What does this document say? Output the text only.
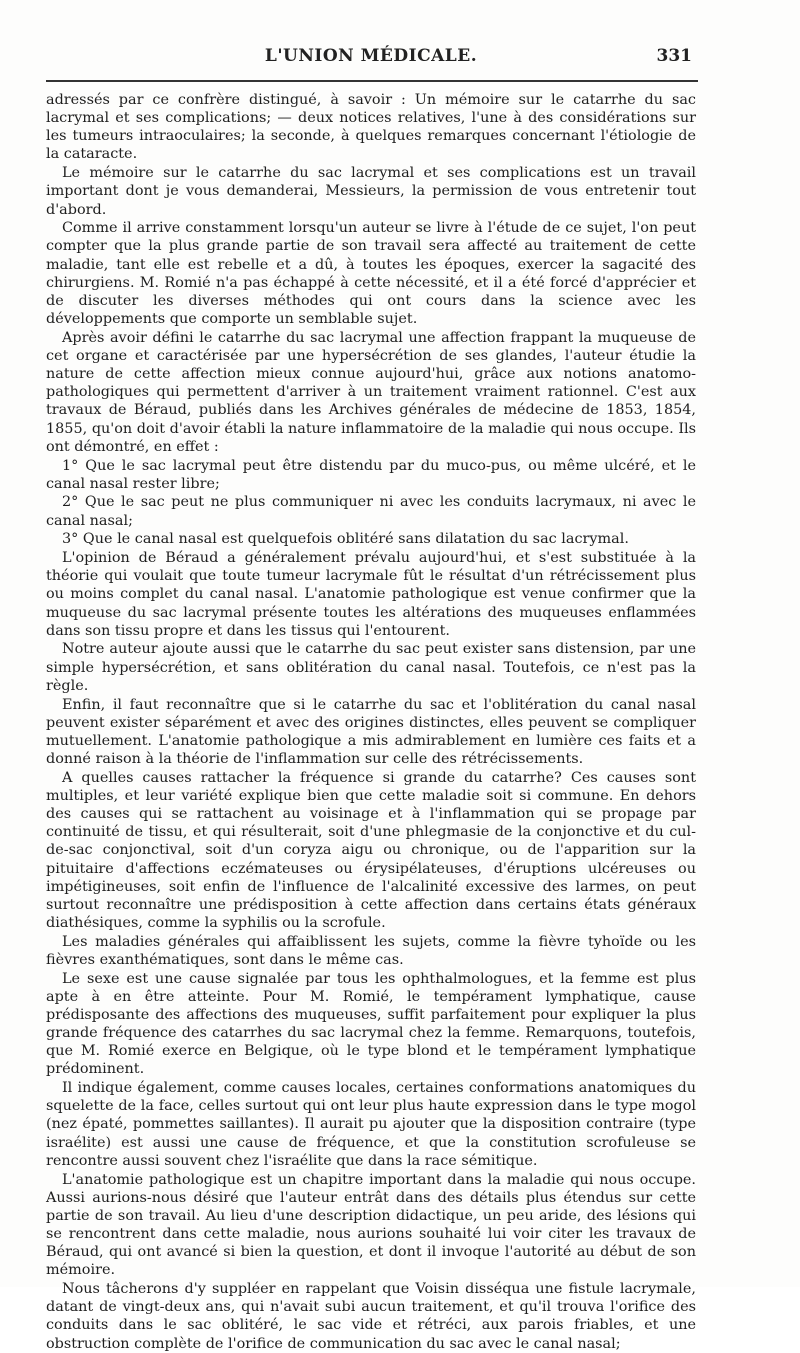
L'UNION MÉDICALE.	331

adressés par ce confrère distingué, à savoir : Un mémoire sur le catarrhe du sac lacrymal et ses complications; — deux notices relatives, l'une à des considérations sur les tumeurs intraoculaires; la seconde, à quelques remarques concernant l'étiologie de la cataracte.

Le mémoire sur le catarrhe du sac lacrymal et ses complications est un travail important dont je vous demanderai, Messieurs, la permission de vous entretenir tout d'abord.

Comme il arrive constamment lorsqu'un auteur se livre à l'étude de ce sujet, l'on peut compter que la plus grande partie de son travail sera affecté au traitement de cette maladie, tant elle est rebelle et a dû, à toutes les époques, exercer la sagacité des chirurgiens. M. Romié n'a pas échappé à cette nécessité, et il a été forcé d'apprécier et de discuter les diverses méthodes qui ont cours dans la science avec les développements que comporte un semblable sujet.

Après avoir défini le catarrhe du sac lacrymal une affection frappant la muqueuse de cet organe et caractérisée par une hypersécrétion de ses glandes, l'auteur étudie la nature de cette affection mieux connue aujourd'hui, grâce aux notions anatomo-pathologiques qui permettent d'arriver à un traitement vraiment rationnel. C'est aux travaux de Béraud, publiés dans les Archives générales de médecine de 1853, 1854, 1855, qu'on doit d'avoir établi la nature inflammatoire de la maladie qui nous occupe. Ils ont démontré, en effet :

1° Que le sac lacrymal peut être distendu par du muco-pus, ou même ulcéré, et le canal nasal rester libre;

2° Que le sac peut ne plus communiquer ni avec les conduits lacrymaux, ni avec le canal nasal;

3° Que le canal nasal est quelquefois oblitéré sans dilatation du sac lacrymal.

L'opinion de Béraud a généralement prévalu aujourd'hui, et s'est substituée à la théorie qui voulait que toute tumeur lacrymale fût le résultat d'un rétrécissement plus ou moins complet du canal nasal. L'anatomie pathologique est venue confirmer que la muqueuse du sac lacrymal présente toutes les altérations des muqueuses enflammées dans son tissu propre et dans les tissus qui l'entourent.

Notre auteur ajoute aussi que le catarrhe du sac peut exister sans distension, par une simple hypersécrétion, et sans oblitération du canal nasal. Toutefois, ce n'est pas la règle.

Enfin, il faut reconnaître que si le catarrhe du sac et l'oblitération du canal nasal peuvent exister séparément et avec des origines distinctes, elles peuvent se compliquer mutuellement. L'anatomie pathologique a mis admirablement en lumière ces faits et a donné raison à la théorie de l'inflammation sur celle des rétrécissements.

A quelles causes rattacher la fréquence si grande du catarrhe? Ces causes sont multiples, et leur variété explique bien que cette maladie soit si commune. En dehors des causes qui se rattachent au voisinage et à l'inflammation qui se propage par continuité de tissu, et qui résulterait, soit d'une phlegmasie de la conjonctive et du cul-de-sac conjonctival, soit d'un coryza aigu ou chronique, ou de l'apparition sur la pituitaire d'affections eczémateuses ou érysipélateuses, d'éruptions ulcéreuses ou impétigineuses, soit enfin de l'influence de l'alcalinité excessive des larmes, on peut surtout reconnaître une prédisposition à cette affection dans certains états généraux diathésiques, comme la syphilis ou la scrofule.

Les maladies générales qui affaiblissent les sujets, comme la fièvre tyhoïde ou les fièvres exanthématiques, sont dans le même cas.

Le sexe est une cause signalée par tous les ophthalmologues, et la femme est plus apte à en être atteinte. Pour M. Romié, le tempérament lymphatique, cause prédisposante des affections des muqueuses, suffit parfaitement pour expliquer la plus grande fréquence des catarrhes du sac lacrymal chez la femme. Remarquons, toutefois, que M. Romié exerce en Belgique, où le type blond et le tempérament lymphatique prédominent.

Il indique également, comme causes locales, certaines conformations anatomiques du squelette de la face, celles surtout qui ont leur plus haute expression dans le type mogol (nez épaté, pommettes saillantes). Il aurait pu ajouter que la disposition contraire (type israélite) est aussi une cause de fréquence, et que la constitution scrofuleuse se rencontre aussi souvent chez l'israélite que dans la race sémitique.

L'anatomie pathologique est un chapitre important dans la maladie qui nous occupe. Aussi aurions-nous désiré que l'auteur entrât dans des détails plus étendus sur cette partie de son travail. Au lieu d'une description didactique, un peu aride, des lésions qui se rencontrent dans cette maladie, nous aurions souhaité lui voir citer les travaux de Béraud, qui ont avancé si bien la question, et dont il invoque l'autorité au début de son mémoire.

Nous tâcherons d'y suppléer en rappelant que Voisin disséqua une fistule lacrymale, datant de vingt-deux ans, qui n'avait subi aucun traitement, et qu'il trouva l'orifice des conduits dans le sac oblitéré, le sac vide et rétréci, aux parois friables, et une obstruction complète de l'orifice de communication du sac avec le canal nasal;
